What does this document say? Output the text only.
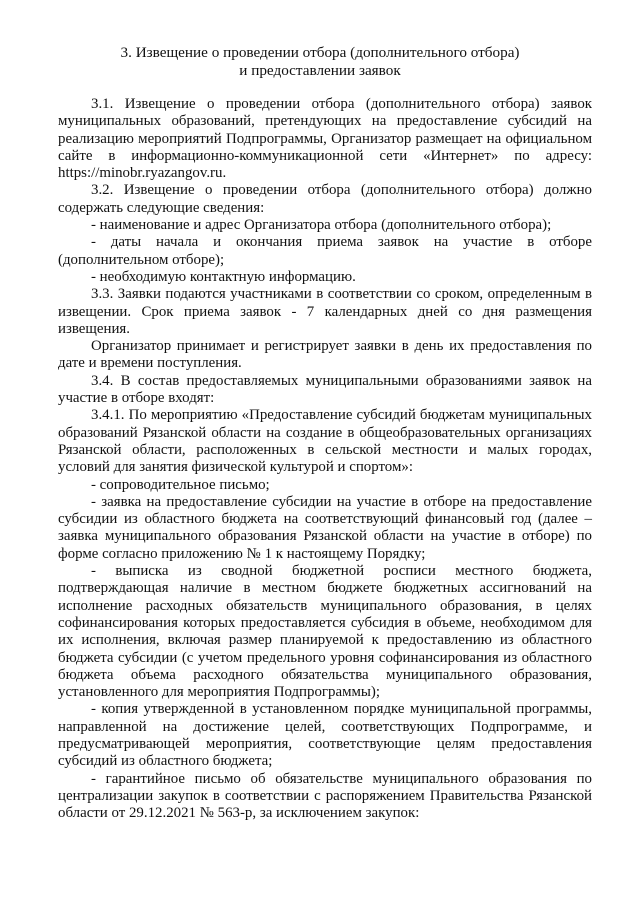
3. Извещение о проведении отбора (дополнительного отбора)
и предоставлении заявок

3.1. Извещение о проведении отбора (дополнительного отбора) заявок муниципальных образований, претендующих на предоставление субсидий на реализацию мероприятий Подпрограммы, Организатор размещает на официальном сайте в информационно-коммуникационной сети «Интернет» по адресу: https://minobr.ryazangov.ru.

3.2. Извещение о проведении отбора (дополнительного отбора) должно содержать следующие сведения:

- наименование и адрес Организатора отбора (дополнительного отбора);

- даты начала и окончания приема заявок на участие в отборе (дополнительном отборе);

- необходимую контактную информацию.

3.3. Заявки подаются участниками в соответствии со сроком, определенным в извещении. Срок приема заявок - 7 календарных дней со дня размещения извещения.

Организатор принимает и регистрирует заявки в день их предоставления по дате и времени поступления.

3.4. В состав предоставляемых муниципальными образованиями заявок на участие в отборе входят:

3.4.1. По мероприятию «Предоставление субсидий бюджетам муниципальных образований Рязанской области на создание в общеобразовательных организациях Рязанской области, расположенных в сельской местности и малых городах, условий для занятия физической культурой и спортом»:

- сопроводительное письмо;

- заявка на предоставление субсидии на участие в отборе на предоставление субсидии из областного бюджета на соответствующий финансовый год (далее – заявка муниципального образования Рязанской области на участие в отборе) по форме согласно приложению № 1 к настоящему Порядку;

- выписка из сводной бюджетной росписи местного бюджета, подтверждающая наличие в местном бюджете бюджетных ассигнований на исполнение расходных обязательств муниципального образования, в целях софинансирования которых предоставляется субсидия в объеме, необходимом для их исполнения, включая размер планируемой к предоставлению из областного бюджета субсидии (с учетом предельного уровня софинансирования из областного бюджета объема расходного обязательства муниципального образования, установленного для мероприятия Подпрограммы);

- копия утвержденной в установленном порядке муниципальной программы, направленной на достижение целей, соответствующих Подпрограмме, и предусматривающей мероприятия, соответствующие целям предоставления субсидий из областного бюджета;

- гарантийное письмо об обязательстве муниципального образования по централизации закупок в соответствии с распоряжением Правительства Рязанской области от 29.12.2021 № 563-р, за исключением закупок:
